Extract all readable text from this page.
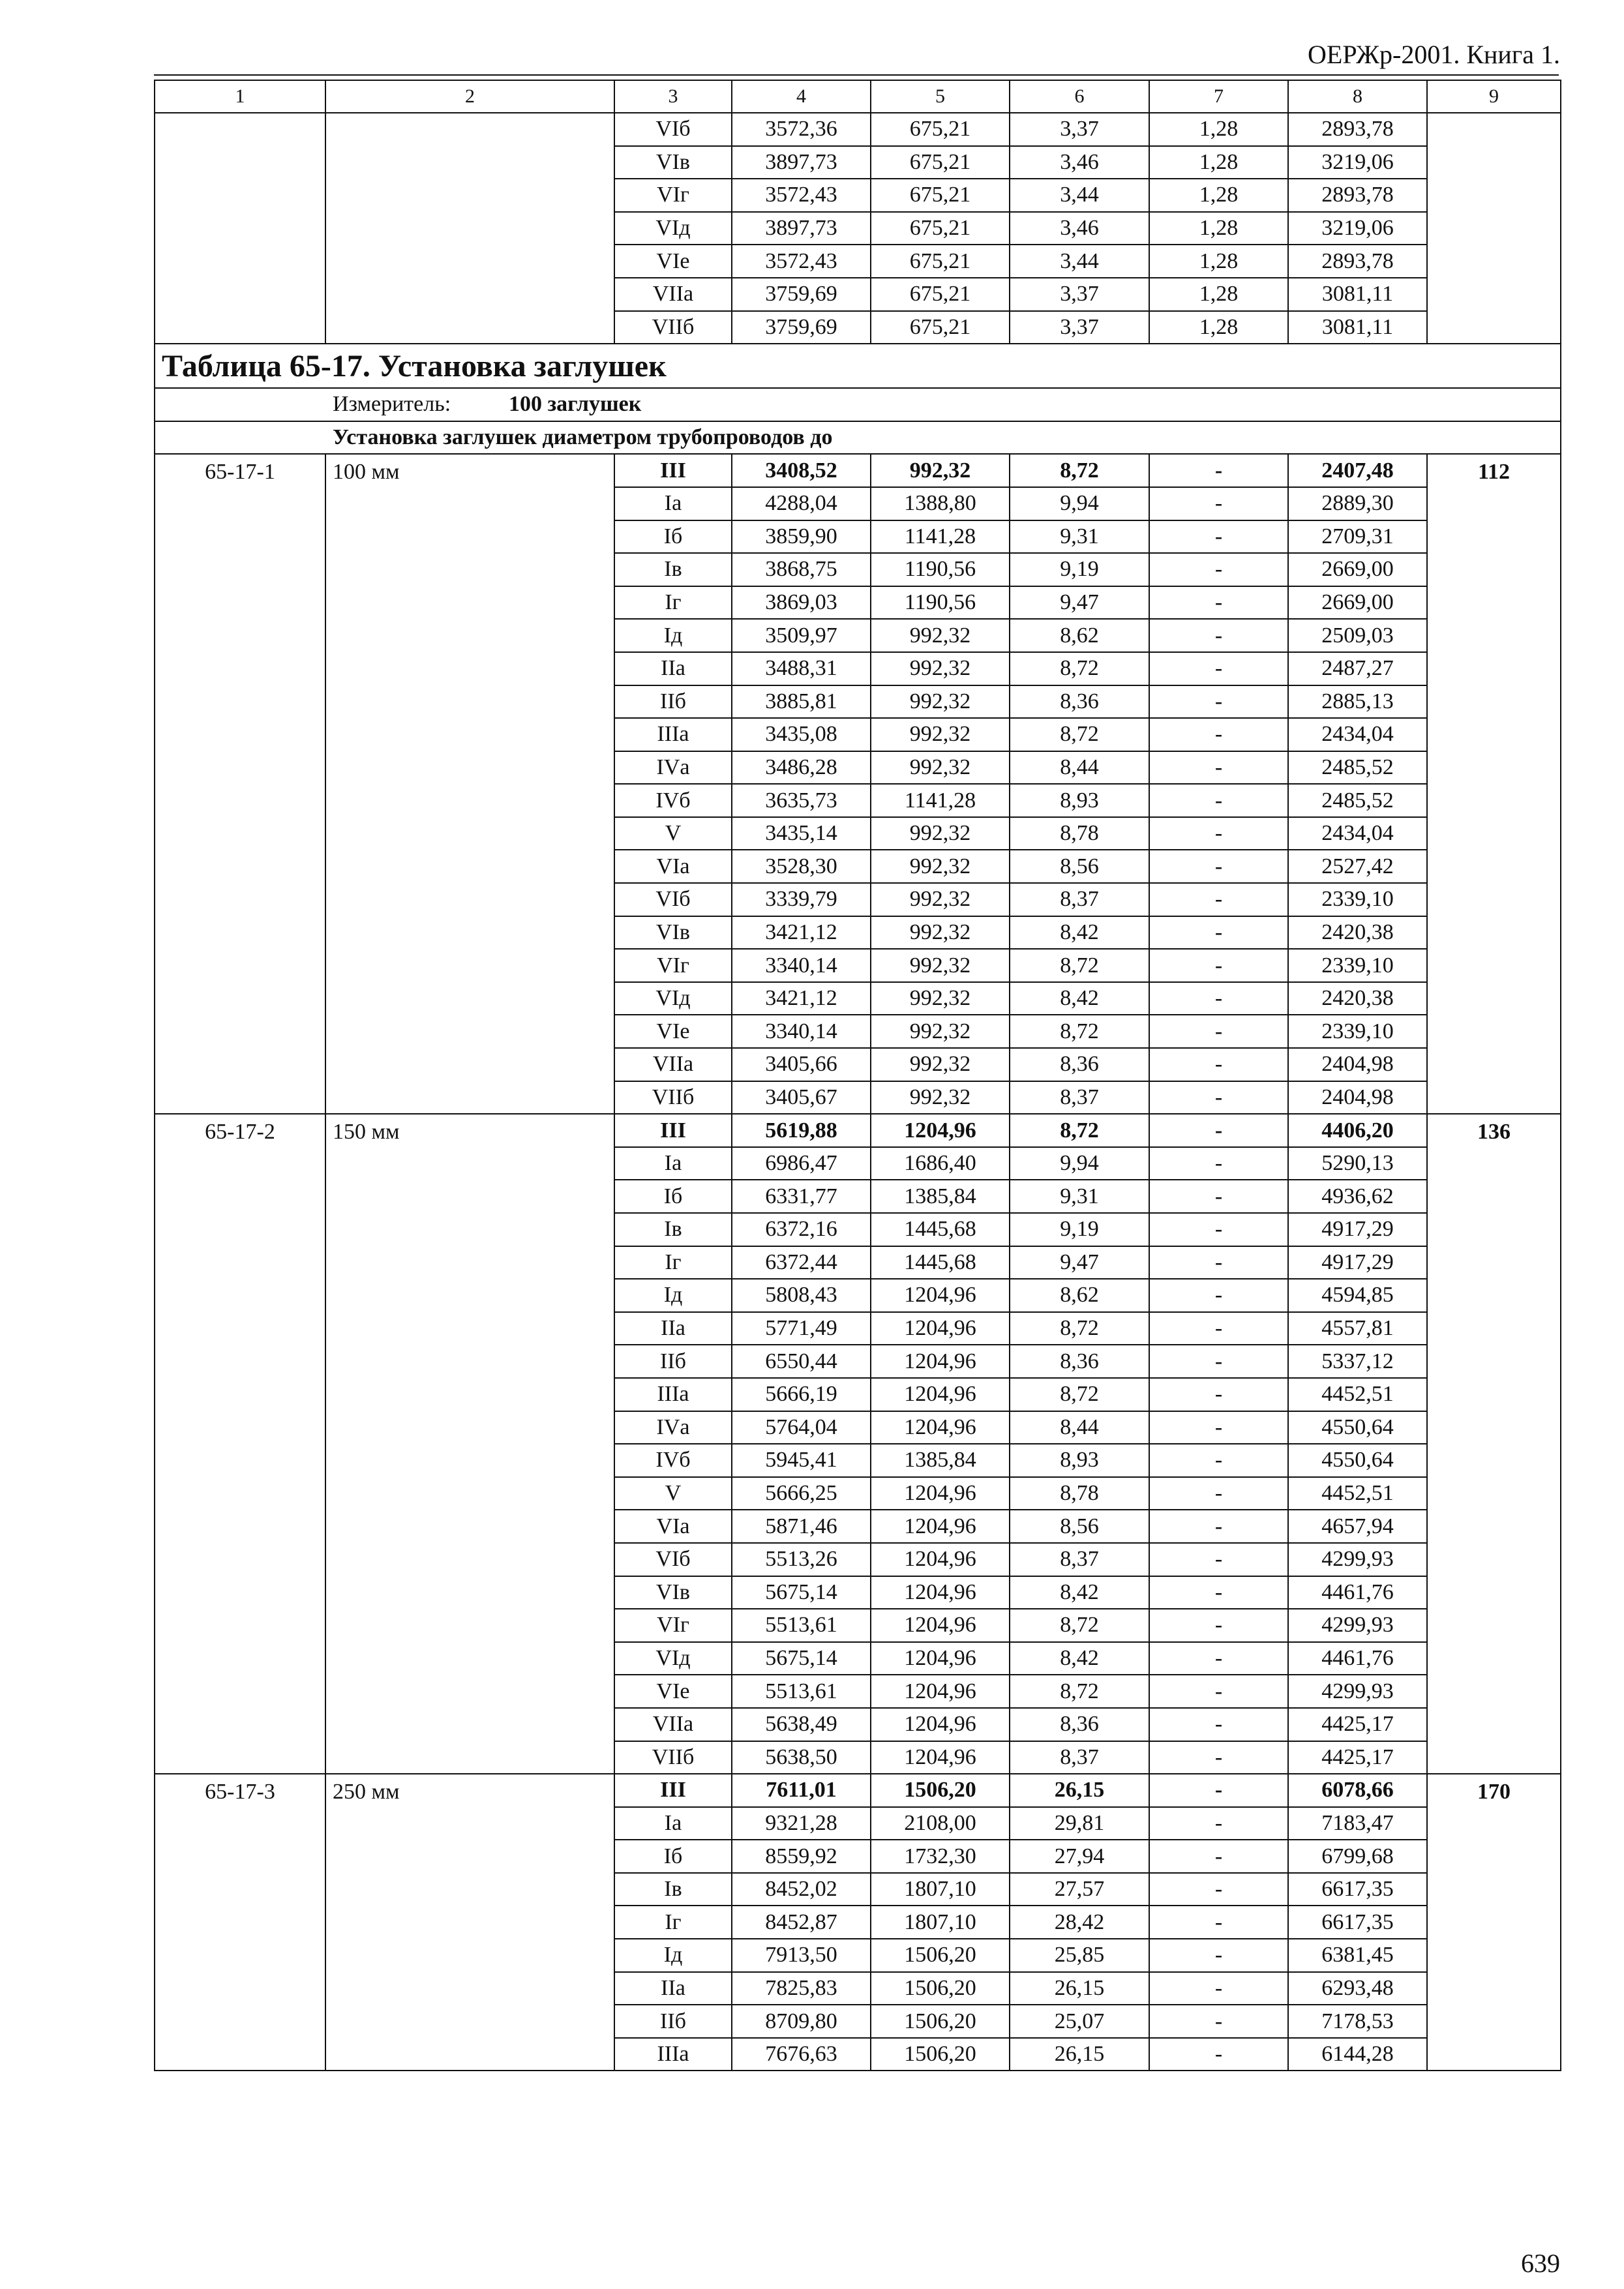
ОЕРЖр-2001. Книга 1.
1	2	3	4	5	6	7	8	9
		VIб	3572,36	675,21	3,37	1,28	2893,78	
		VIв	3897,73	675,21	3,46	1,28	3219,06	
		VIг	3572,43	675,21	3,44	1,28	2893,78	
		VIд	3897,73	675,21	3,46	1,28	3219,06	
		VIе	3572,43	675,21	3,44	1,28	2893,78	
		VIIа	3759,69	675,21	3,37	1,28	3081,11	
		VIIб	3759,69	675,21	3,37	1,28	3081,11	
Таблица 65-17. Установка заглушек								
Измеритель: 100 заглушек								
Установка заглушек диаметром трубопроводов до								
65-17-1	100 мм	III	3408,52	992,32	8,72	-	2407,48	112
		Iа	4288,04	1388,80	9,94	-	2889,30	
		Iб	3859,90	1141,28	9,31	-	2709,31	
		Iв	3868,75	1190,56	9,19	-	2669,00	
		Iг	3869,03	1190,56	9,47	-	2669,00	
		Iд	3509,97	992,32	8,62	-	2509,03	
		IIа	3488,31	992,32	8,72	-	2487,27	
		IIб	3885,81	992,32	8,36	-	2885,13	
		IIIа	3435,08	992,32	8,72	-	2434,04	
		IVа	3486,28	992,32	8,44	-	2485,52	
		IVб	3635,73	1141,28	8,93	-	2485,52	
		V	3435,14	992,32	8,78	-	2434,04	
		VIа	3528,30	992,32	8,56	-	2527,42	
		VIб	3339,79	992,32	8,37	-	2339,10	
		VIв	3421,12	992,32	8,42	-	2420,38	
		VIг	3340,14	992,32	8,72	-	2339,10	
		VIд	3421,12	992,32	8,42	-	2420,38	
		VIе	3340,14	992,32	8,72	-	2339,10	
		VIIа	3405,66	992,32	8,36	-	2404,98	
		VIIб	3405,67	992,32	8,37	-	2404,98	
65-17-2	150 мм	III	5619,88	1204,96	8,72	-	4406,20	136
		Iа	6986,47	1686,40	9,94	-	5290,13	
		Iб	6331,77	1385,84	9,31	-	4936,62	
		Iв	6372,16	1445,68	9,19	-	4917,29	
		Iг	6372,44	1445,68	9,47	-	4917,29	
		Iд	5808,43	1204,96	8,62	-	4594,85	
		IIа	5771,49	1204,96	8,72	-	4557,81	
		IIб	6550,44	1204,96	8,36	-	5337,12	
		IIIа	5666,19	1204,96	8,72	-	4452,51	
		IVа	5764,04	1204,96	8,44	-	4550,64	
		IVб	5945,41	1385,84	8,93	-	4550,64	
		V	5666,25	1204,96	8,78	-	4452,51	
		VIа	5871,46	1204,96	8,56	-	4657,94	
		VIб	5513,26	1204,96	8,37	-	4299,93	
		VIв	5675,14	1204,96	8,42	-	4461,76	
		VIг	5513,61	1204,96	8,72	-	4299,93	
		VIд	5675,14	1204,96	8,42	-	4461,76	
		VIе	5513,61	1204,96	8,72	-	4299,93	
		VIIа	5638,49	1204,96	8,36	-	4425,17	
		VIIб	5638,50	1204,96	8,37	-	4425,17	
65-17-3	250 мм	III	7611,01	1506,20	26,15	-	6078,66	170
		Iа	9321,28	2108,00	29,81	-	7183,47	
		Iб	8559,92	1732,30	27,94	-	6799,68	
		Iв	8452,02	1807,10	27,57	-	6617,35	
		Iг	8452,87	1807,10	28,42	-	6617,35	
		Iд	7913,50	1506,20	25,85	-	6381,45	
		IIа	7825,83	1506,20	26,15	-	6293,48	
		IIб	8709,80	1506,20	25,07	-	7178,53	
		IIIа	7676,63	1506,20	26,15	-	6144,28	
639
